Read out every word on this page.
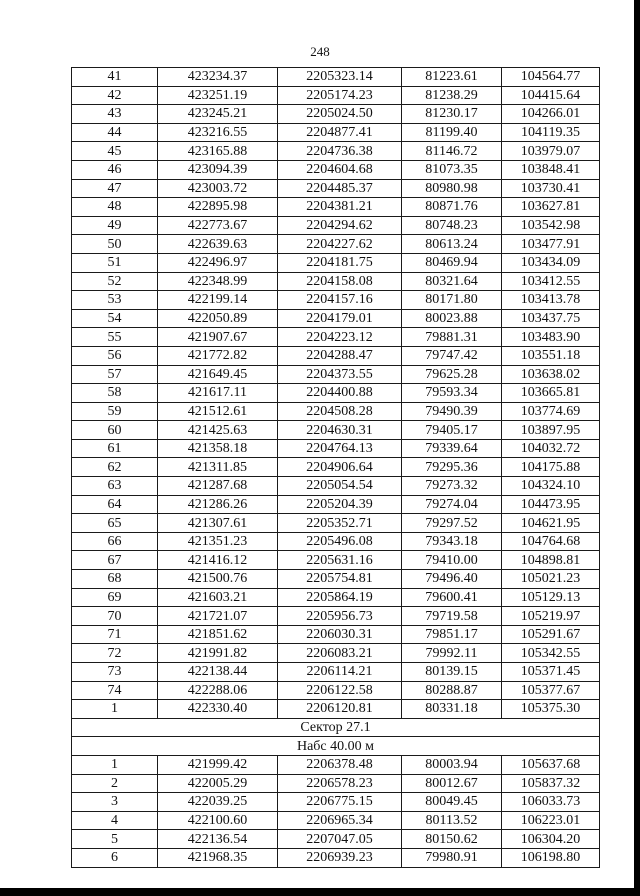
248
41	423234.37	2205323.14	81223.61	104564.77
42	423251.19	2205174.23	81238.29	104415.64
43	423245.21	2205024.50	81230.17	104266.01
44	423216.55	2204877.41	81199.40	104119.35
45	423165.88	2204736.38	81146.72	103979.07
46	423094.39	2204604.68	81073.35	103848.41
47	423003.72	2204485.37	80980.98	103730.41
48	422895.98	2204381.21	80871.76	103627.81
49	422773.67	2204294.62	80748.23	103542.98
50	422639.63	2204227.62	80613.24	103477.91
51	422496.97	2204181.75	80469.94	103434.09
52	422348.99	2204158.08	80321.64	103412.55
53	422199.14	2204157.16	80171.80	103413.78
54	422050.89	2204179.01	80023.88	103437.75
55	421907.67	2204223.12	79881.31	103483.90
56	421772.82	2204288.47	79747.42	103551.18
57	421649.45	2204373.55	79625.28	103638.02
58	421617.11	2204400.88	79593.34	103665.81
59	421512.61	2204508.28	79490.39	103774.69
60	421425.63	2204630.31	79405.17	103897.95
61	421358.18	2204764.13	79339.64	104032.72
62	421311.85	2204906.64	79295.36	104175.88
63	421287.68	2205054.54	79273.32	104324.10
64	421286.26	2205204.39	79274.04	104473.95
65	421307.61	2205352.71	79297.52	104621.95
66	421351.23	2205496.08	79343.18	104764.68
67	421416.12	2205631.16	79410.00	104898.81
68	421500.76	2205754.81	79496.40	105021.23
69	421603.21	2205864.19	79600.41	105129.13
70	421721.07	2205956.73	79719.58	105219.97
71	421851.62	2206030.31	79851.17	105291.67
72	421991.82	2206083.21	79992.11	105342.55
73	422138.44	2206114.21	80139.15	105371.45
74	422288.06	2206122.58	80288.87	105377.67
1	422330.40	2206120.81	80331.18	105375.30
Сектор 27.1				
Набс 40.00 м				
1	421999.42	2206378.48	80003.94	105637.68
2	422005.29	2206578.23	80012.67	105837.32
3	422039.25	2206775.15	80049.45	106033.73
4	422100.60	2206965.34	80113.52	106223.01
5	422136.54	2207047.05	80150.62	106304.20
6	421968.35	2206939.23	79980.91	106198.80
